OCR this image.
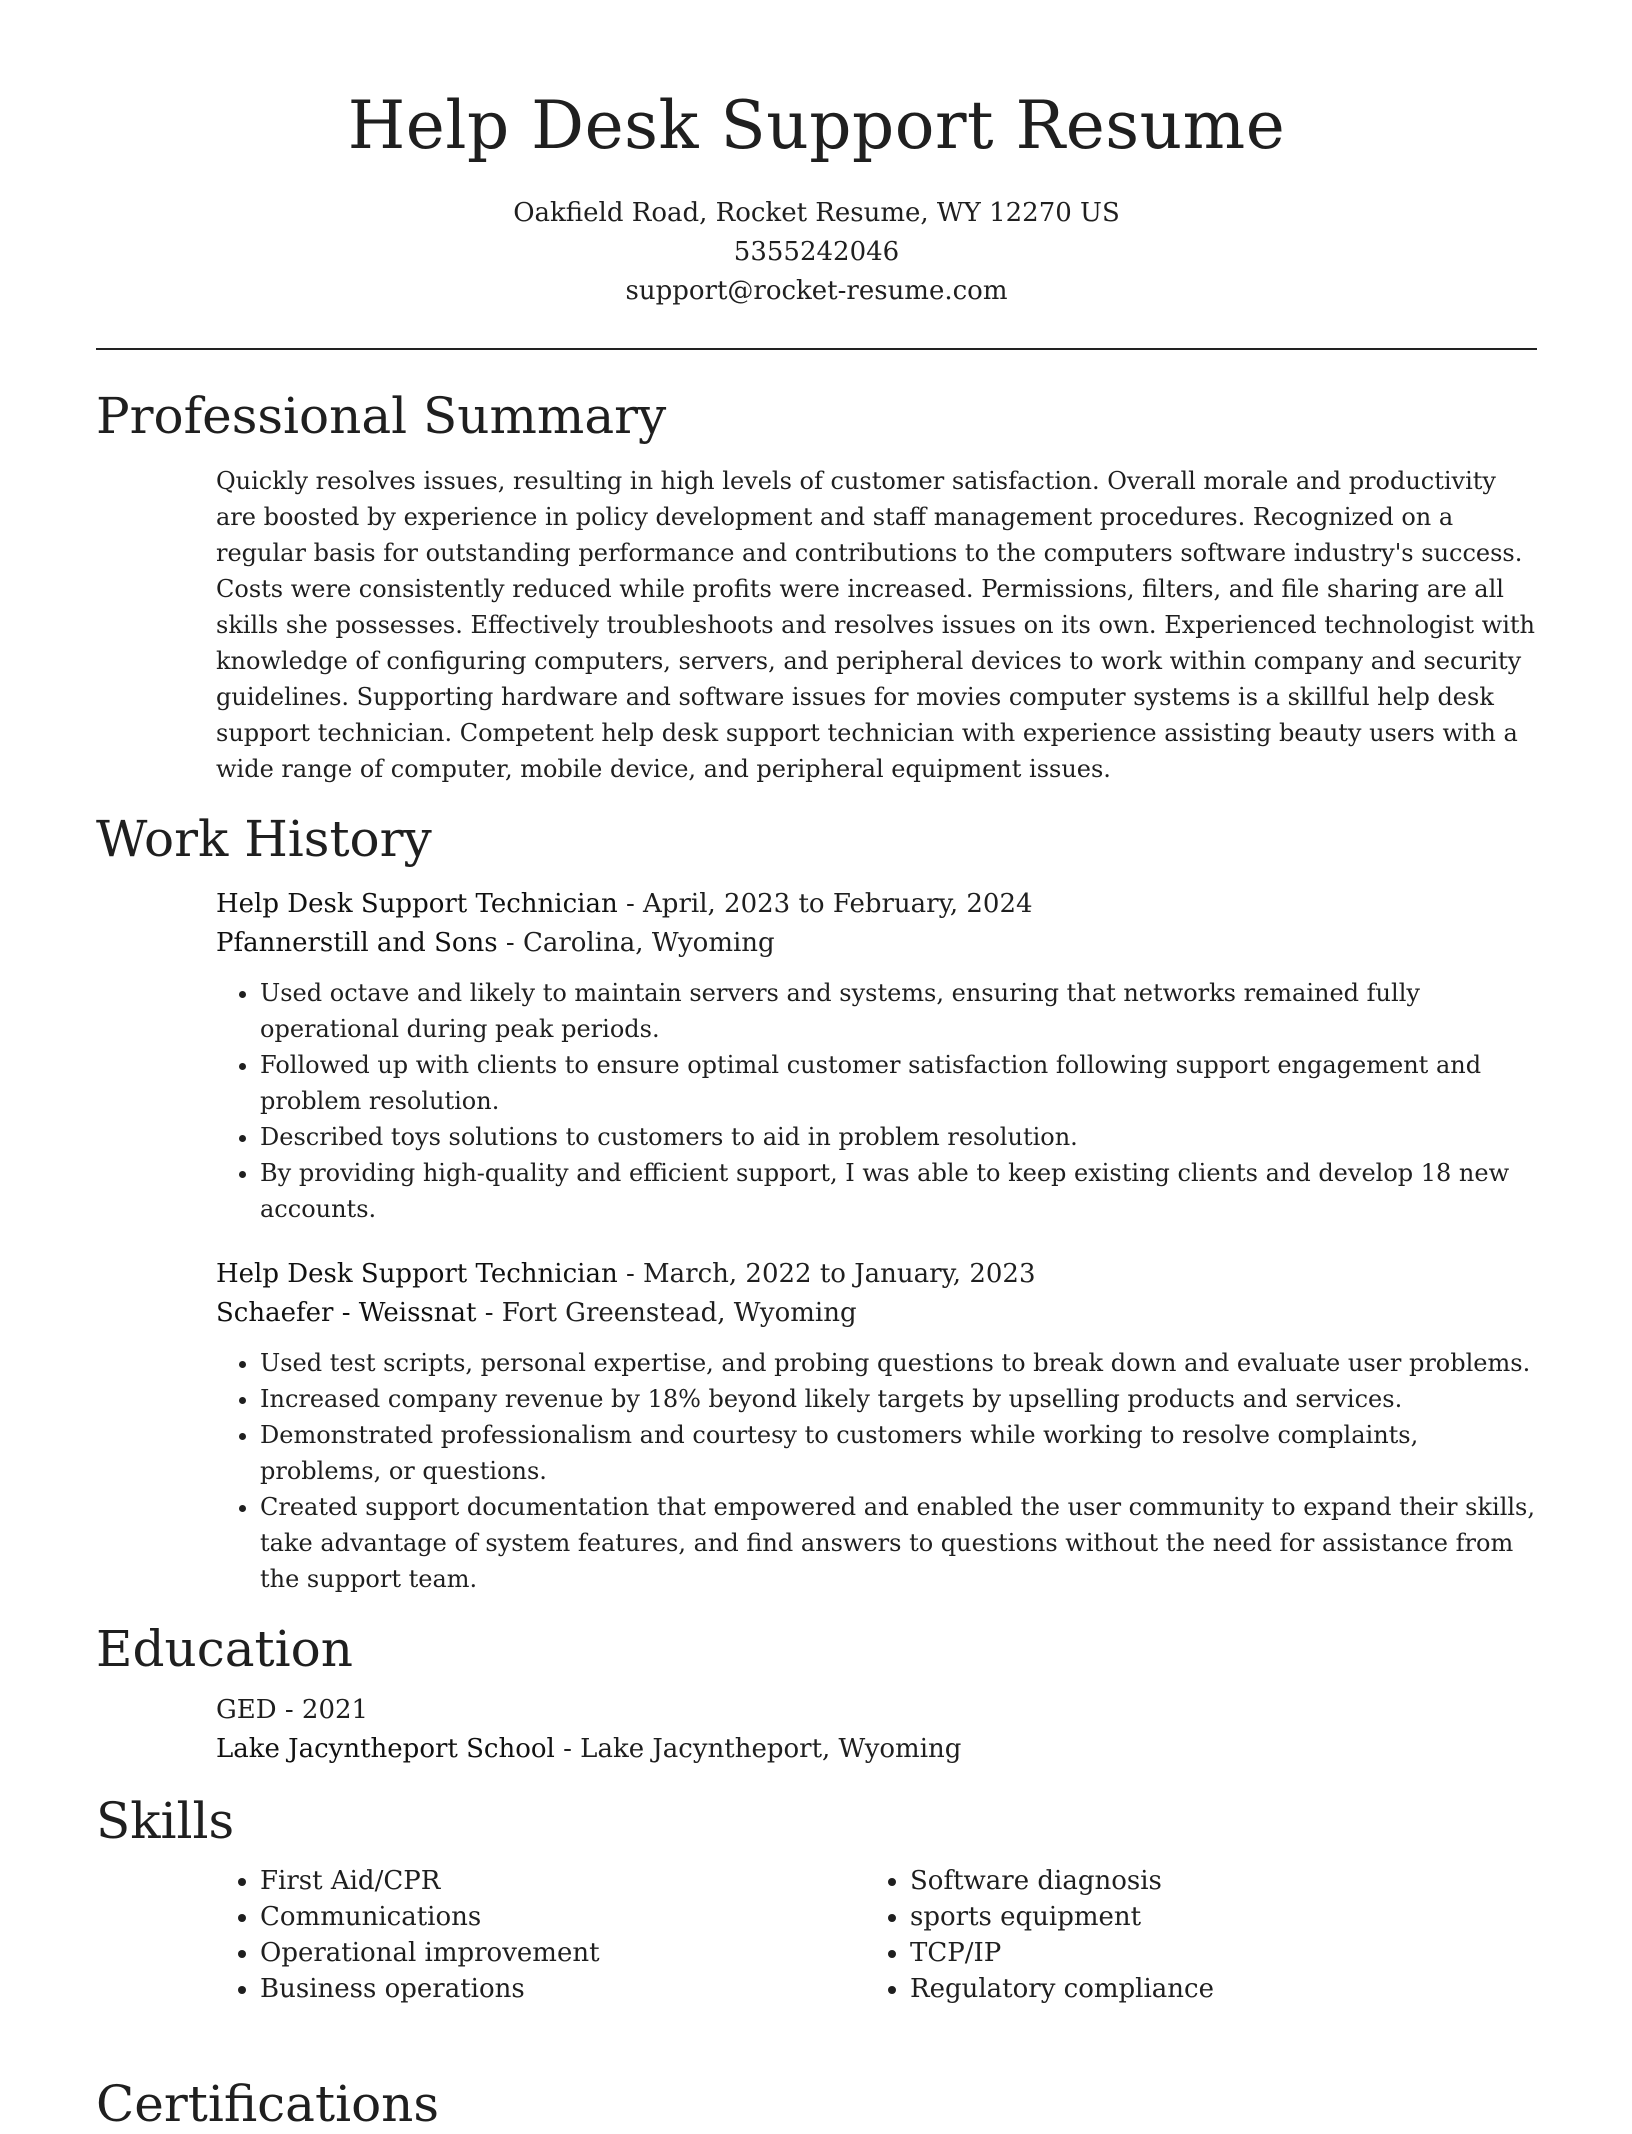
Help Desk Support Resume
Oakfield Road, Rocket Resume, WY 12270 US
5355242046
support@rocket-resume.com
Professional Summary

Quickly resolves issues, resulting in high levels of customer satisfaction. Overall morale and productivity are boosted by experience in policy development and staff management procedures. Recognized on a regular basis for outstanding performance and contributions to the computers software industry's success. Costs were consistently reduced while profits were increased. Permissions, filters, and file sharing are all skills she possesses. Effectively troubleshoots and resolves issues on its own. Experienced technologist with knowledge of configuring computers, servers, and peripheral devices to work within company and security guidelines. Supporting hardware and software issues for movies computer systems is a skillful help desk support technician. Competent help desk support technician with experience assisting beauty users with a wide range of computer, mobile device, and peripheral equipment issues.

Work History
Help Desk Support Technician - April, 2023 to February, 2024
Pfannerstill and Sons - Carolina, Wyoming
• Used octave and likely to maintain servers and systems, ensuring that networks remained fully operational during peak periods.
• Followed up with clients to ensure optimal customer satisfaction following support engagement and problem resolution.
• Described toys solutions to customers to aid in problem resolution.
• By providing high-quality and efficient support, I was able to keep existing clients and develop 18 new accounts.
Help Desk Support Technician - March, 2022 to January, 2023
Schaefer - Weissnat - Fort Greenstead, Wyoming
• Used test scripts, personal expertise, and probing questions to break down and evaluate user problems.
• Increased company revenue by 18% beyond likely targets by upselling products and services.
• Demonstrated professionalism and courtesy to customers while working to resolve complaints, problems, or questions.
• Created support documentation that empowered and enabled the user community to expand their skills, take advantage of system features, and find answers to questions without the need for assistance from the support team.
Education
GED - 2021
Lake Jacyntheport School - Lake Jacyntheport, Wyoming
Skills
• First Aid/CPR
• Communications
• Operational improvement
• Business operations
• Software diagnosis
• sports equipment
• TCP/IP
• Regulatory compliance
Certifications
